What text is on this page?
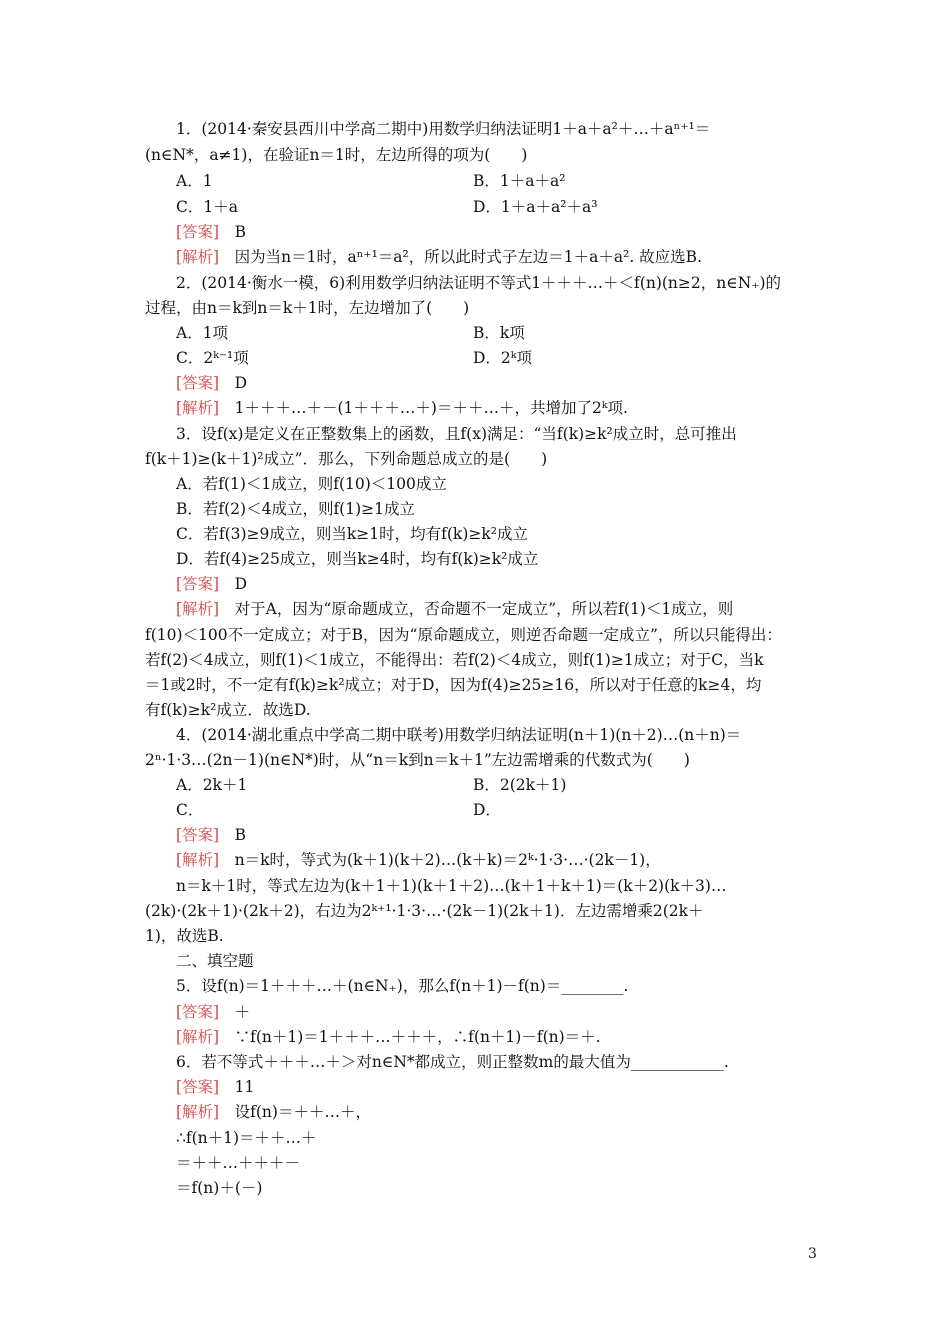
1．(2014·秦安县西川中学高二期中)用数学归纳法证明1＋a＋a²＋…＋aⁿ⁺¹＝
(n∈N*，a≠1)，在验证n＝1时，左边所得的项为(　　)
A．1	B．1＋a＋a²
C．1＋a	D．1＋a＋a²＋a³
[答案]　 B
[解析]　 因为当n＝1时，aⁿ⁺¹＝a²，所以此时式子左边＝1＋a＋a². 故应选B.
2．(2014·衡水一模，6)利用数学归纳法证明不等式1＋＋＋…＋＜f(n)(n≥2，n∈N₊)的
过程，由n＝k到n＝k＋1时，左边增加了(　　)
A．1项	B．k项
C．2ᵏ⁻¹项	D．2ᵏ项
[答案]　 D
[解析]　 1＋＋＋…＋－(1＋＋＋…＋)＝＋＋…＋，共增加了2ᵏ项.
3．设f(x)是定义在正整数集上的函数，且f(x)满足：“当f(k)≥k²成立时，总可推出
f(k＋1)≥(k＋1)²成立”．那么，下列命题总成立的是(　　)
A．若f(1)＜1成立，则f(10)＜100成立
B．若f(2)＜4成立，则f(1)≥1成立
C．若f(3)≥9成立，则当k≥1时，均有f(k)≥k²成立
D．若f(4)≥25成立，则当k≥4时，均有f(k)≥k²成立
[答案]　 D
[解析]　 对于A，因为“原命题成立，否命题不一定成立”，所以若f(1)＜1成立，则
f(10)＜100不一定成立；对于B，因为“原命题成立，则逆否命题一定成立”，所以只能得出：
若f(2)＜4成立，则f(1)＜1成立，不能得出：若f(2)＜4成立，则f(1)≥1成立；对于C，当k
＝1或2时，不一定有f(k)≥k²成立；对于D，因为f(4)≥25≥16，所以对于任意的k≥4，均
有f(k)≥k²成立．故选D.
4．(2014·湖北重点中学高二期中联考)用数学归纳法证明(n＋1)(n＋2)…(n＋n)＝
2ⁿ·1·3…(2n－1)(n∈N*)时，从“n＝k到n＝k＋1”左边需增乘的代数式为(　　)
A．2k＋1	B．2(2k＋1)
C．	D．
[答案]　 B
[解析]　 n＝k时，等式为(k＋1)(k＋2)…(k＋k)＝2ᵏ·1·3·…·(2k－1)，
n＝k＋1时，等式左边为(k＋1＋1)(k＋1＋2)…(k＋1＋k＋1)＝(k＋2)(k＋3)…
(2k)·(2k＋1)·(2k＋2)，右边为2ᵏ⁺¹·1·3·…·(2k－1)(2k＋1)．左边需增乘2(2k＋
1)，故选B.
二、填空题
5．设f(n)＝1＋＋＋…＋(n∈N₊)，那么f(n＋1)－f(n)＝________.
[答案]　 ＋
[解析]　 ∵f(n＋1)＝1＋＋＋…＋＋＋，∴f(n＋1)－f(n)＝＋.
6．若不等式＋＋＋…＋＞对n∈N*都成立，则正整数m的最大值为____________.
[答案]　 11
[解析]　 设f(n)＝＋＋…＋，
∴f(n＋1)＝＋＋…＋
＝＋＋…＋＋＋－
＝f(n)＋(－)
3
